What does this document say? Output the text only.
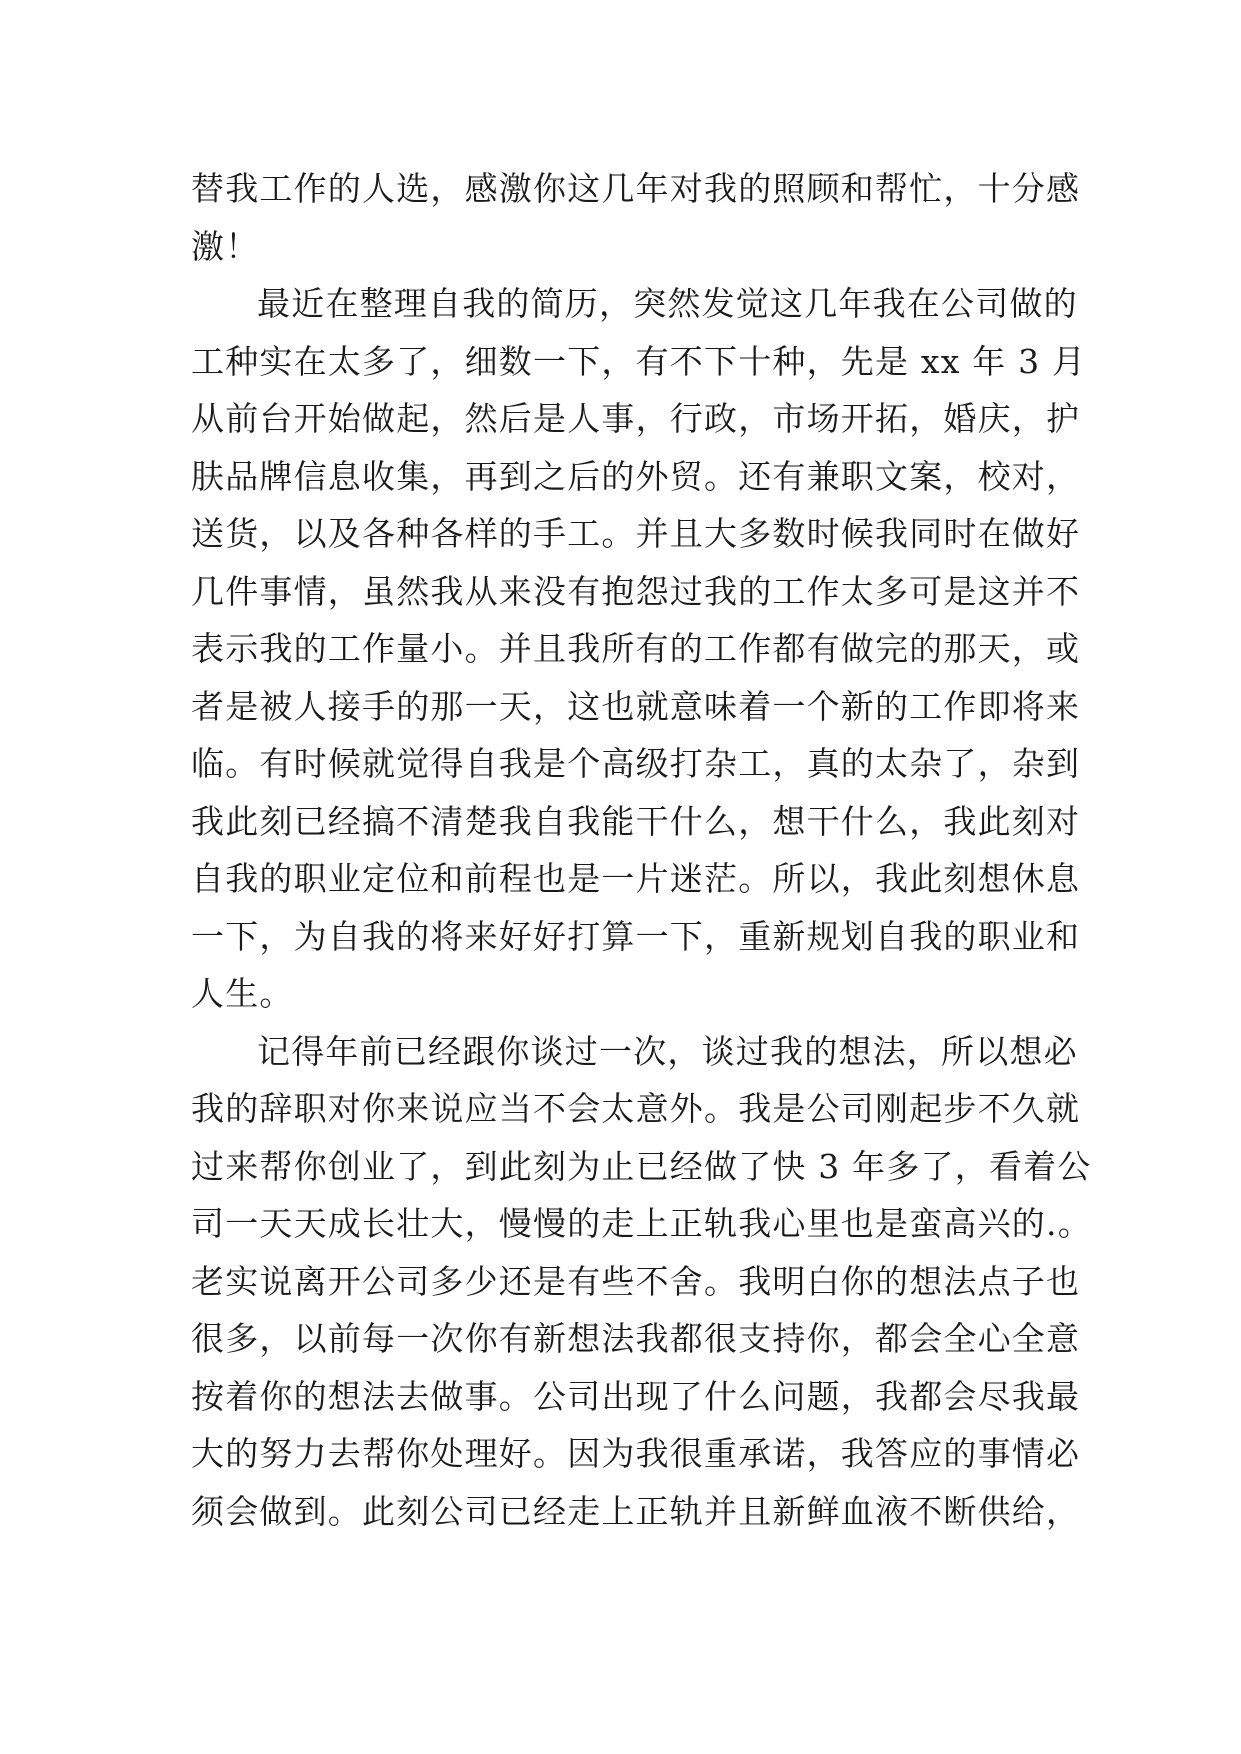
替我工作的人选，感激你这几年对我的照顾和帮忙，十分感
激！
最近在整理自我的简历，突然发觉这几年我在公司做的
工种实在太多了，细数一下，有不下十种，先是 xx 年 3 月
从前台开始做起，然后是人事，行政，市场开拓，婚庆，护
肤品牌信息收集，再到之后的外贸。还有兼职文案，校对，
送货，以及各种各样的手工。并且大多数时候我同时在做好
几件事情，虽然我从来没有抱怨过我的工作太多可是这并不
表示我的工作量小。并且我所有的工作都有做完的那天，或
者是被人接手的那一天，这也就意味着一个新的工作即将来
临。有时候就觉得自我是个高级打杂工，真的太杂了，杂到
我此刻已经搞不清楚我自我能干什么，想干什么，我此刻对
自我的职业定位和前程也是一片迷茫。所以，我此刻想休息
一下，为自我的将来好好打算一下，重新规划自我的职业和
人生。
记得年前已经跟你谈过一次，谈过我的想法，所以想必
我的辞职对你来说应当不会太意外。我是公司刚起步不久就
过来帮你创业了，到此刻为止已经做了快 3 年多了，看着公
司一天天成长壮大，慢慢的走上正轨我心里也是蛮高兴的.。
老实说离开公司多少还是有些不舍。我明白你的想法点子也
很多，以前每一次你有新想法我都很支持你，都会全心全意
按着你的想法去做事。公司出现了什么问题，我都会尽我最
大的努力去帮你处理好。因为我很重承诺，我答应的事情必
须会做到。此刻公司已经走上正轨并且新鲜血液不断供给，
